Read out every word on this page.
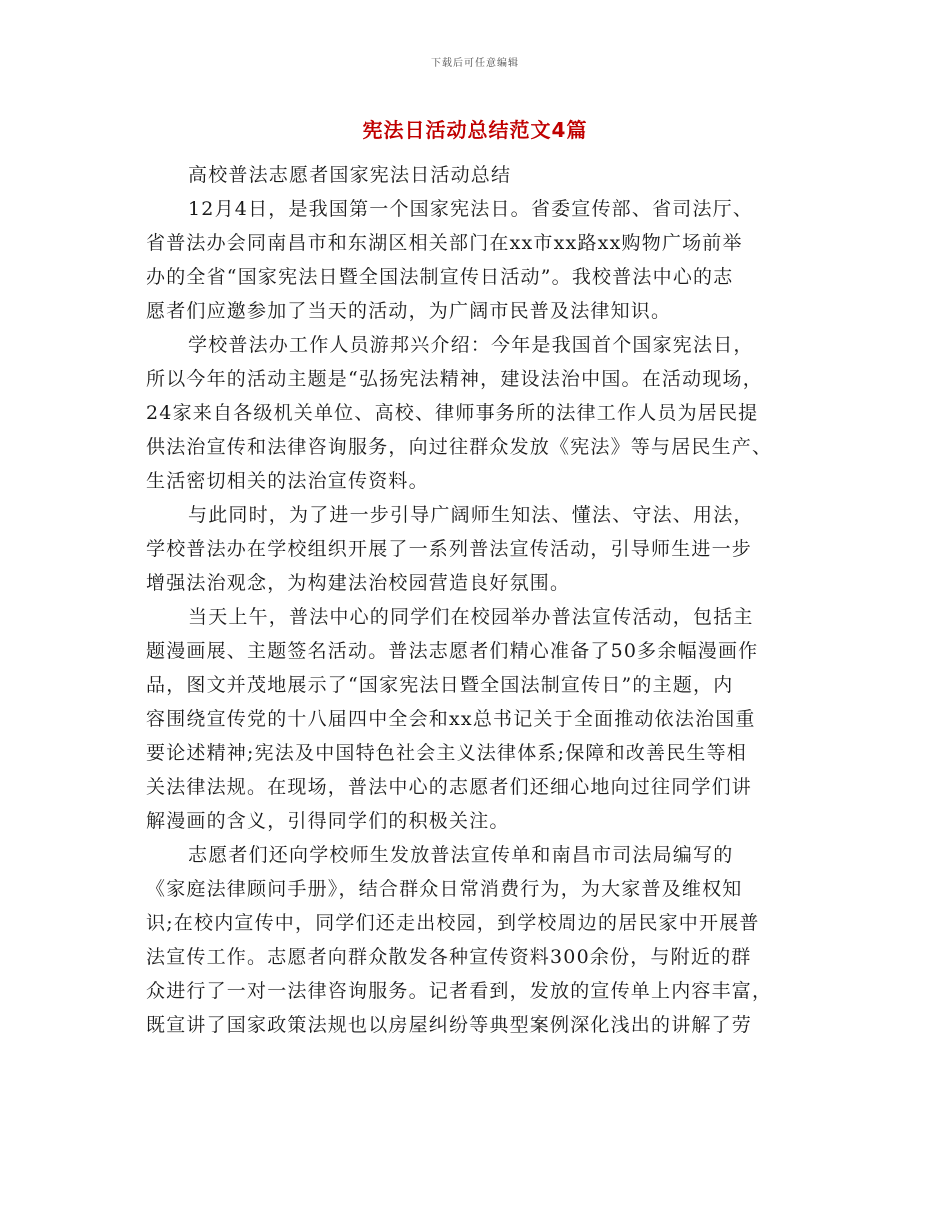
下载后可任意编辑
宪法日活动总结范文4篇
高校普法志愿者国家宪法日活动总结
12月4日，是我国第一个国家宪法日。省委宣传部、省司法厅、
省普法办会同南昌市和东湖区相关部门在xx市xx路xx购物广场前举
办的全省“国家宪法日暨全国法制宣传日活动”。我校普法中心的志
愿者们应邀参加了当天的活动，为广阔市民普及法律知识。
学校普法办工作人员游邦兴介绍：今年是我国首个国家宪法日，
所以今年的活动主题是“弘扬宪法精神，建设法治中国。在活动现场，
24家来自各级机关单位、高校、律师事务所的法律工作人员为居民提
供法治宣传和法律咨询服务，向过往群众发放《宪法》等与居民生产、
生活密切相关的法治宣传资料。
与此同时，为了进一步引导广阔师生知法、懂法、守法、用法，
学校普法办在学校组织开展了一系列普法宣传活动，引导师生进一步
增强法治观念，为构建法治校园营造良好氛围。
当天上午，普法中心的同学们在校园举办普法宣传活动，包括主
题漫画展、主题签名活动。普法志愿者们精心准备了50多余幅漫画作
品，图文并茂地展示了“国家宪法日暨全国法制宣传日”的主题，内
容围绕宣传党的十八届四中全会和xx总书记关于全面推动依法治国重
要论述精神;宪法及中国特色社会主义法律体系;保障和改善民生等相
关法律法规。在现场，普法中心的志愿者们还细心地向过往同学们讲
解漫画的含义，引得同学们的积极关注。
志愿者们还向学校师生发放普法宣传单和南昌市司法局编写的
《家庭法律顾问手册》，结合群众日常消费行为，为大家普及维权知
识;在校内宣传中，同学们还走出校园，到学校周边的居民家中开展普
法宣传工作。志愿者向群众散发各种宣传资料300余份，与附近的群
众进行了一对一法律咨询服务。记者看到，发放的宣传单上内容丰富，
既宣讲了国家政策法规也以房屋纠纷等典型案例深化浅出的讲解了劳
